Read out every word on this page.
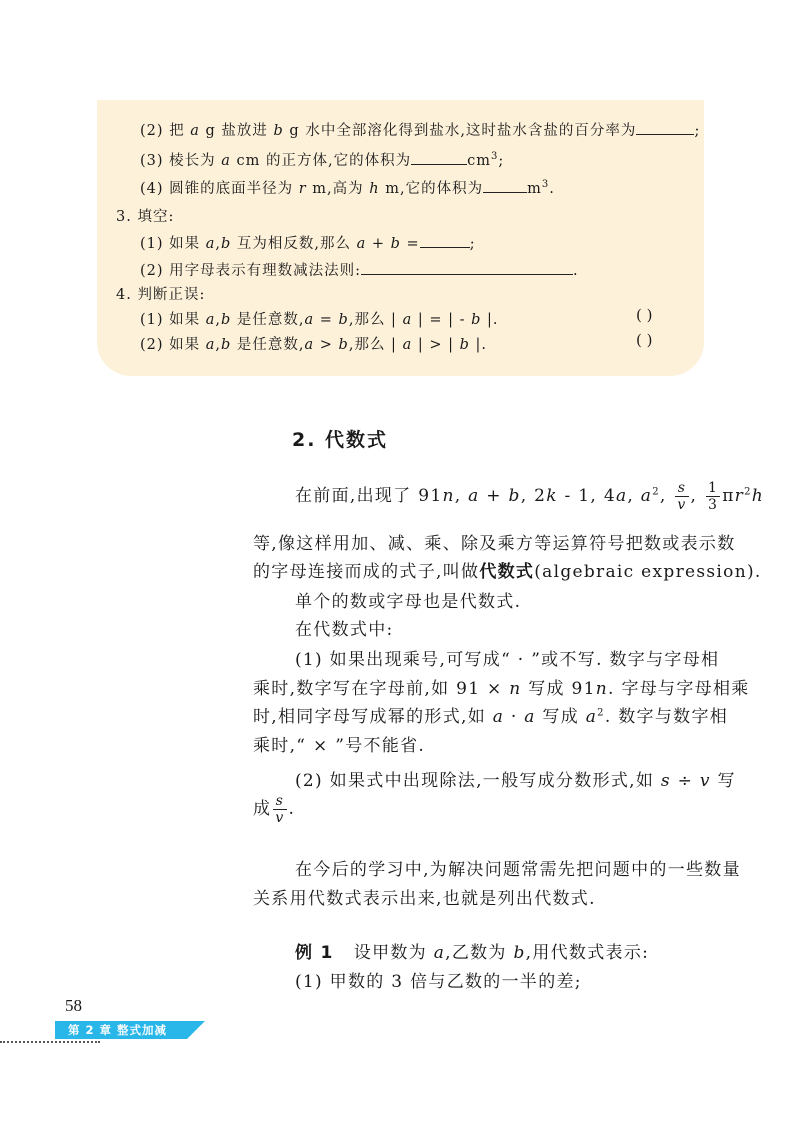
(2) 把 a g 盐放进 b g 水中全部溶化得到盐水,这时盐水含盐的百分率为	;
(3) 棱长为 a cm 的正方体,它的体积为	$cm^3$;
(4) 圆锥的底面半径为 r m,高为 h m,它的体积为	$m^3$.
3. 填空:
(1) 如果 a,b 互为相反数,那么 a + b =	;
(2) 用字母表示有理数减法法则:	.
4. 判断正误:
(1) 如果 a,b 是任意数,a = b,那么 | a | = | - b |.	( )
(2) 如果 a,b 是任意数,a > b,那么 | a | > | b |.	( )
2. 代数式
在前面,出现了 91n, a + b, 2k - 1, 4a, $a^2$, $\frac{s}{v}$ , $\frac{1}{3} \pi r^2h$
等,像这样用加、减、乘、除及乘方等运算符号把数或表示数
的字母连接而成的式子,叫做代数式(algebraic expression).
单个的数或字母也是代数式.
在代数式中:
(1) 如果出现乘号,可写成“ · ”或不写. 数字与字母相
乘时,数字写在字母前,如 91 × n 写成 91n. 字母与字母相乘
时,相同字母写成幂的形式,如 a · a 写成 $a^2$. 数字与数字相
乘时,“ × ”号不能省.
(2) 如果式中出现除法,一般写成分数形式,如 s ÷ v 写
成 $\frac{s}{v}$ .
在今后的学习中,为解决问题常需先把问题中的一些数量
关系用代数式表示出来,也就是列出代数式.
例 1 设甲数为 a,乙数为 b,用代数式表示:
(1) 甲数的 3 倍与乙数的一半的差;
58
第 2 章 整式加减
